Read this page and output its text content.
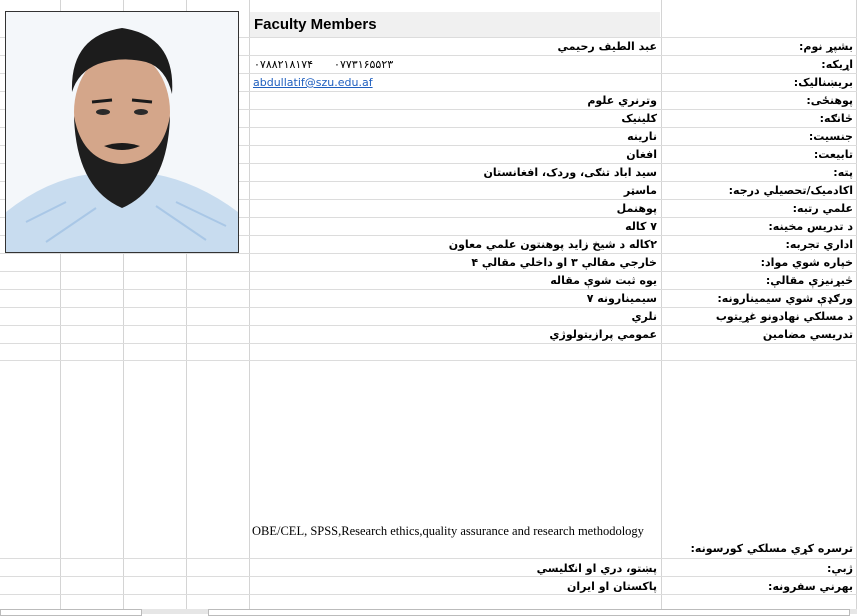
Faculty Members
بشپړ نوم:
عبد الطيف رحیمي
اړیکه:
۰۷۸۸۲۱۸۱۷۴      ۰۷۷۳۱۶۵۵۲۳
بریښنالیک:
abdullatif@szu.edu.af
پوهنځی:
وترنري علوم
څانګه:
کلینیک
جنسیت:
نارینه
تابیعت:
افغان
پته:
سید اباد تنګی، وردک، افغانستان
اکادمیک/تحصیلي درجه:
ماسټر
علمي رتبه:
پوهنمل
د تدریس مخینه:
۷ کاله
اداري تجربه:
۲کاله د شیخ زاید پوهنتون علمي معاون
خپاره شوي مواد:
خارجي مقالې ۳ او داخلي مقالې ۴
څیړنیزې مقالې:
یوه ثبت شوې مقاله
ورګډې شوي سیمینارونه:
سیمینارونه ۷
د مسلکي نهادونو غړیتوب
نلري
تدریسي مضامین
عمومي پرازیتولوژي
ترسره کړي مسلکي کورسونه:
OBE/CEL, SPSS,Research ethics,quality assurance and research methodology
ژبې:
پښتو، دري او انګلیسي
بهرني سفرونه:
پاکستان او ایران
